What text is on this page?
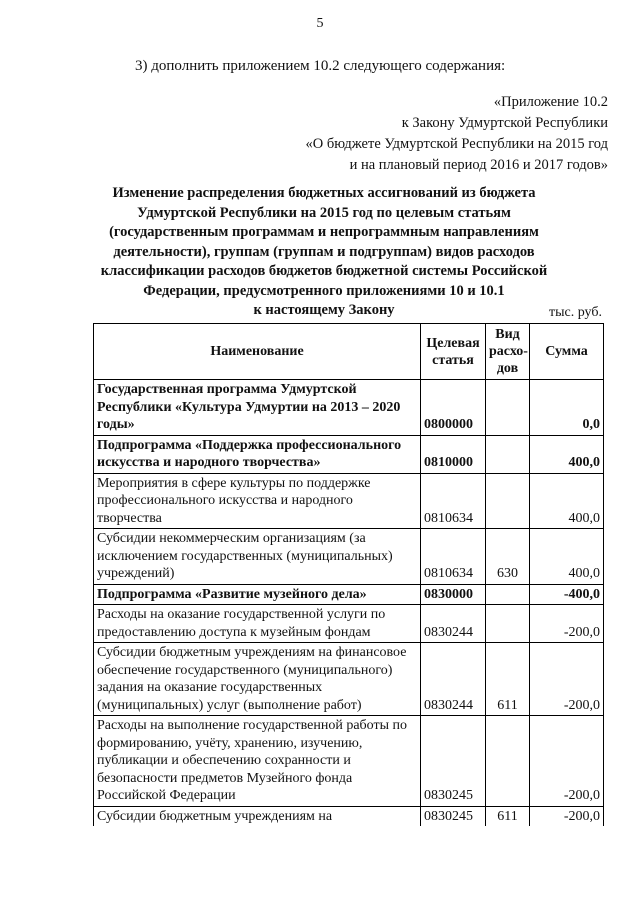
5
3) дополнить приложением 10.2 следующего содержания:
«Приложение 10.2
к Закону Удмуртской Республики
«О бюджете Удмуртской Республики на 2015 год
и на плановый период 2016 и 2017 годов»
Изменение распределения бюджетных ассигнований из бюджета
Удмуртской Республики на 2015 год по целевым статьям
(государственным программам и непрограммным направлениям
деятельности), группам (группам и подгруппам) видов расходов
классификации расходов бюджетов бюджетной системы Российской
Федерации, предусмотренного приложениями 10 и 10.1
к настоящему Закону	тыс. руб.
Наименование	Целевая статья	Вид расхо-дов	Сумма
Государственная программа Удмуртской Республики «Культура Удмуртии на 2013 – 2020 годы»	0800000		0,0
Подпрограмма «Поддержка профессионального искусства и народного творчества»	0810000		400,0
Мероприятия в сфере культуры по поддержке профессионального искусства и народного творчества	0810634		400,0
Субсидии некоммерческим организациям (за исключением государственных (муниципальных) учреждений)	0810634	630	400,0
Подпрограмма «Развитие музейного дела»	0830000		-400,0
Расходы на оказание государственной услуги по предоставлению доступа к музейным фондам	0830244		-200,0
Субсидии бюджетным учреждениям на финансовое обеспечение государственного (муниципального) задания на оказание государственных (муниципальных) услуг (выполнение работ)	0830244	611	-200,0
Расходы на выполнение государственной работы по формированию, учёту, хранению, изучению, публикации и обеспечению сохранности и безопасности предметов Музейного фонда Российской Федерации	0830245		-200,0
Субсидии бюджетным учреждениям на	0830245	611	-200,0
